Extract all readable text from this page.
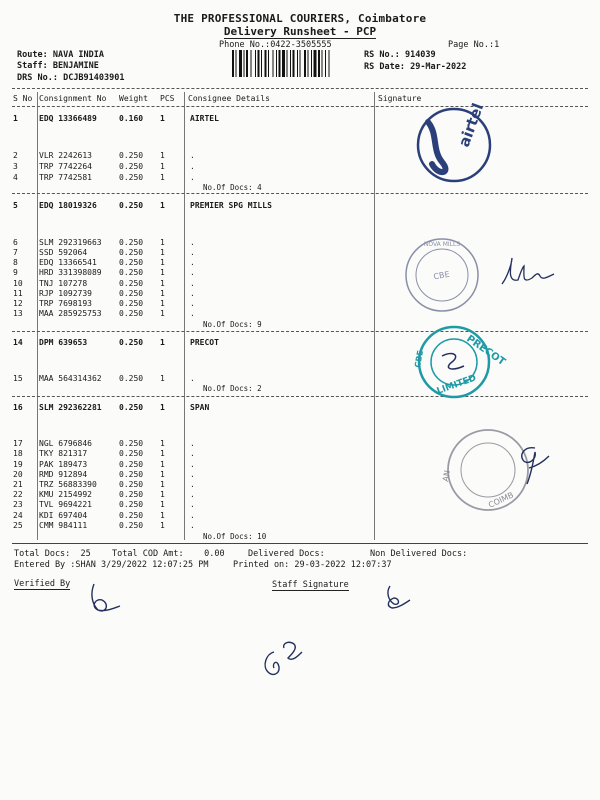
THE PROFESSIONAL COURIERS, Coimbatore
Delivery Runsheet - PCP
Phone No.:0422-3505555	Page No.:1
Route: NAVA INDIA
Staff: BENJAMINE
DRS No.: DCJB91403901
RS No.: 914039
RS Date: 29-Mar-2022
S No Consignment No Weight PCS Consignee Details	Signature
1	EDQ 13366489	0.160 1	AIRTEL
2	VLR 2242613	0.250 1	.
3	TRP 7742264	0.250 1	.
4	TRP 7742581	0.250 1	.
No.Of Docs: 4
5	EDQ 18019326	0.250 1	PREMIER SPG MILLS
6	SLM 292319663 0.250 1	.
7	SSD 592064	0.250 1	.
8	EDQ 13366541	0.250 1	.
9	HRD 331398089 0.250 1	.
10 TNJ 107278	0.250 1	.
11 RJP 1092739	0.250 1	.
12 TRP 7698193	0.250 1	.
13 MAA 285925753 0.250 1	.
No.Of Docs: 9
14 DPM 639653	0.250 1	PRECOT
15 MAA 564314362 0.250 1	.
No.Of Docs: 2
16 SLM 292362281 0.250 1	SPAN
17 NGL 6796846	0.250 1	.
18 TKY 821317	0.250 1	.
19 PAK 189473	0.250 1	.
20 RMD 912894	0.250 1	.
21 TRZ 56883390	0.250 1	.
22 KMU 2154992	0.250 1	.
23 TVL 9694221	0.250 1	.
24 KDI 697404	0.250 1	.
25 CMM 984111	0.250 1	.
No.Of Docs: 10
Total Docs: 25 Total COD Amt: 0.00	Delivered Docs:	Non Delivered Docs:
Entered By :SHAN 3/29/2022 12:07:25 PM	Printed on: 29-03-2022 12:07:37
Verified By	Staff Signature
airtel
NOVA MILLS
CBE
PRECOT
LIMITED
CBE
AN
COIMB
